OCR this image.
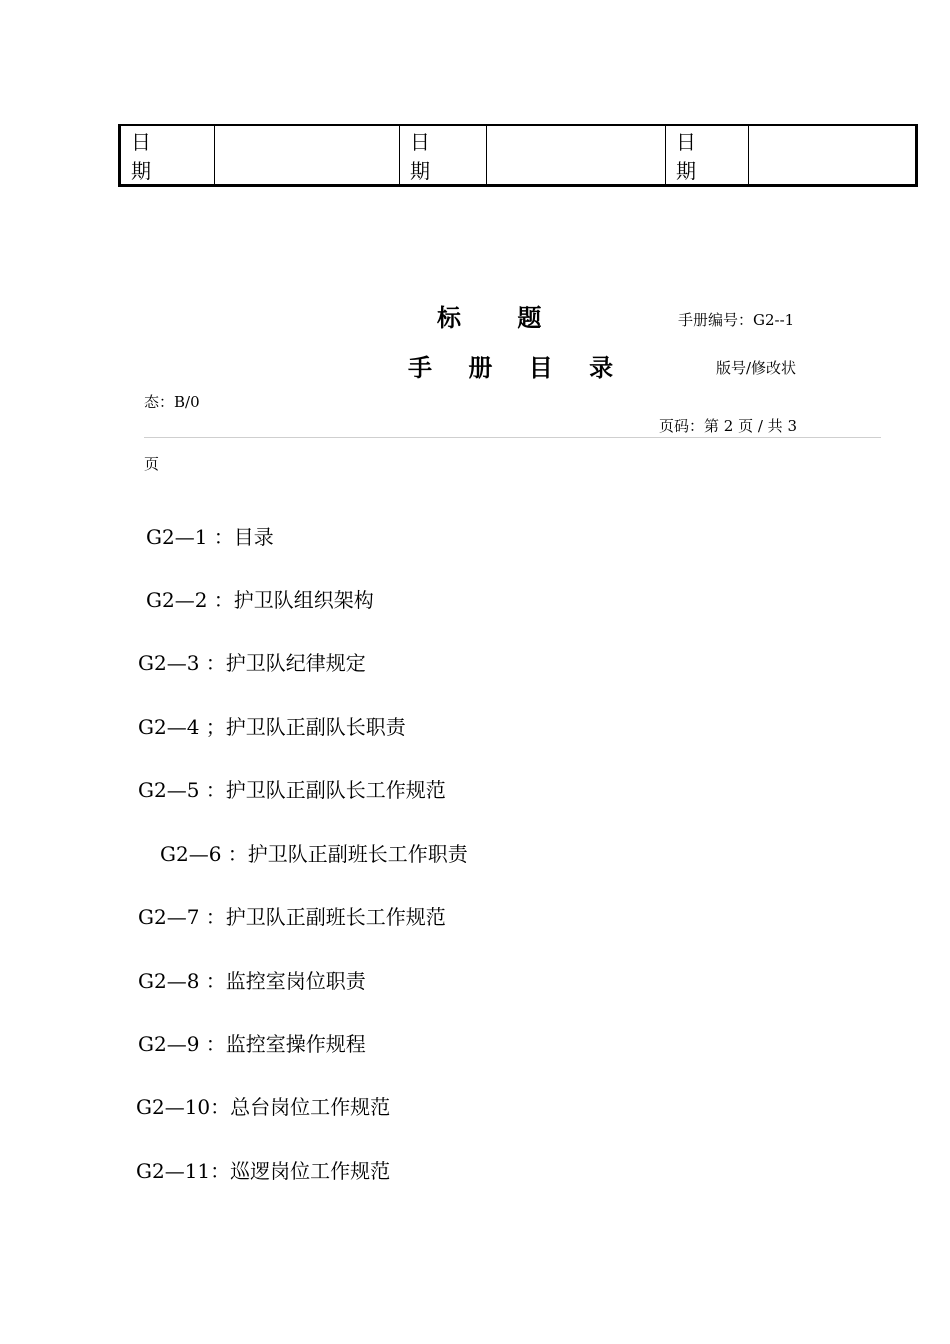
日 期		日 期		日 期	
标 题	手册编号：G2--1
手 册 目 录	版号/修改状
态：B/0
页码：第 2 页 / 共 3
页
G2—1 ：目录
G2—2 ：护卫队组织架构
G2—3 ：护卫队纪律规定
G2—4 ；护卫队正副队长职责
G2—5 ：护卫队正副队长工作规范
G2—6 ：护卫队正副班长工作职责
G2—7 ：护卫队正副班长工作规范
G2—8 ：监控室岗位职责
G2—9 ：监控室操作规程
G2—10：总台岗位工作规范
G2—11：巡逻岗位工作规范
